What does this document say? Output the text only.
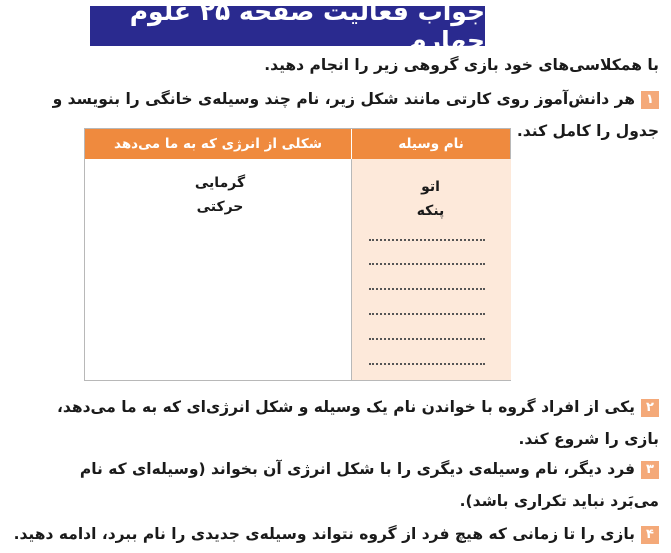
جواب فعالیت صفحه ۲۵ علوم چهارم
با همکلاسی‌های خود بازی گروهی زیر را انجام دهید.
۱هر دانش‌آموز روی کارتی مانند شکل زیر، نام چند وسیله‌ی خانگی را بنویسد و
جدول را کامل کند.
شکلی از انرژی که به ما می‌دهد	نام وسیله
اتو
پنکه
گرمایی
حرکتی
۲یکی از افراد گروه با خواندن نام یک وسیله و شکل انرژی‌ای که به ما می‌دهد،
بازی را شروع کند.
۳فرد دیگر، نام وسیله‌ی دیگری را با شکل انرژی آن بخواند (وسیله‌ای که نام
می‌بَرد نباید تکراری باشد).
۴بازی را تا زمانی که هیچ فرد از گروه نتواند وسیله‌ی جدیدی را نام ببرد، ادامه دهید.
